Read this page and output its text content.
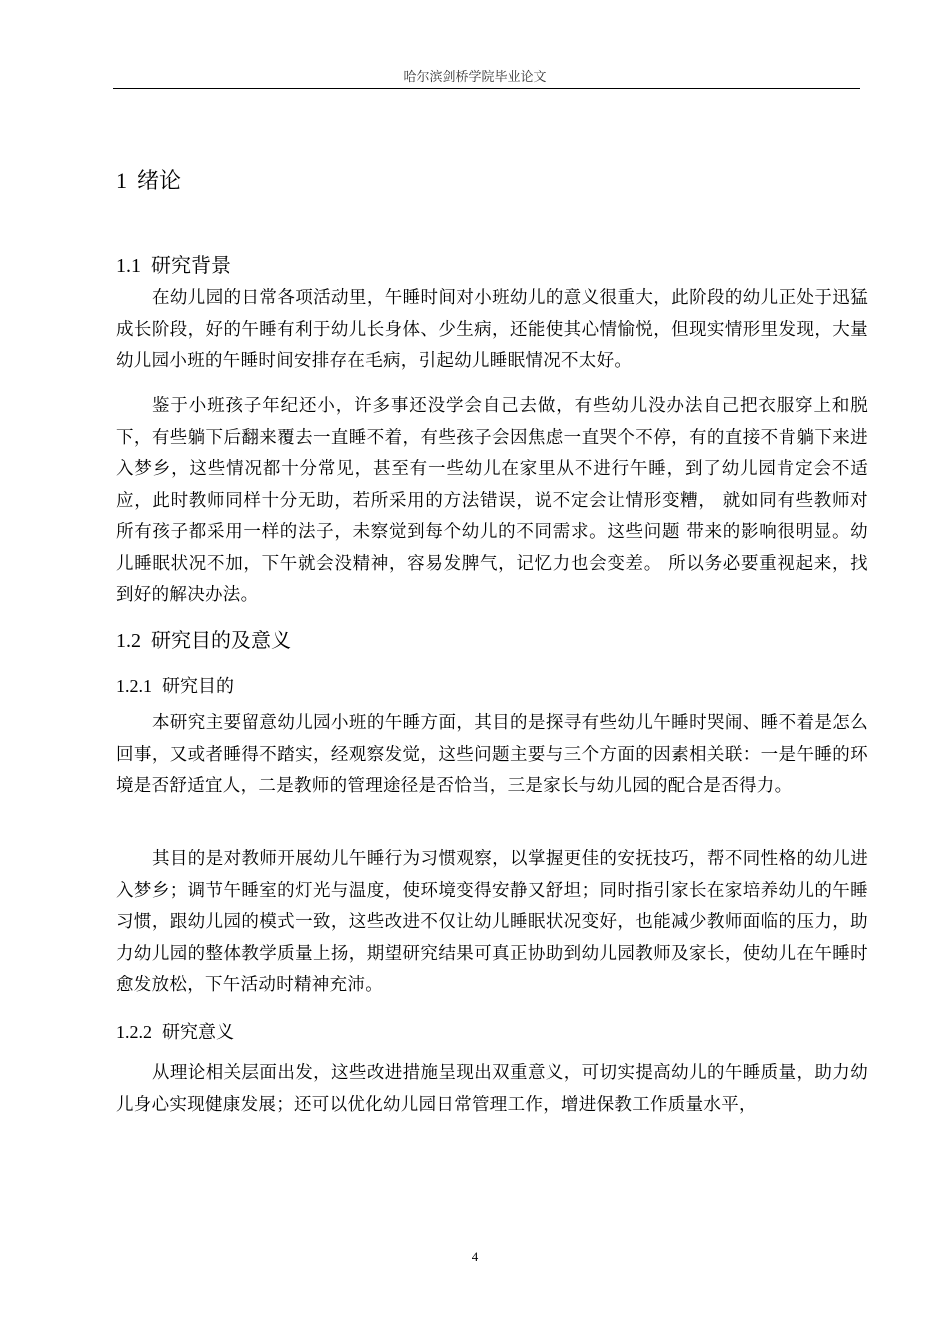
哈尔滨剑桥学院毕业论文
1 绪论
1.1 研究背景

在幼儿园的日常各项活动里，午睡时间对小班幼儿的意义很重大，此阶段的幼儿正处于迅猛成长阶段，好的午睡有利于幼儿长身体、少生病，还能使其心情愉悦，但现实情形里发现，大量幼儿园小班的午睡时间安排存在毛病，引起幼儿睡眠情况不太好。

鉴于小班孩子年纪还小，许多事还没学会自己去做，有些幼儿没办法自己把衣服穿上和脱下，有些躺下后翻来覆去一直睡不着，有些孩子会因焦虑一直哭个不停，有的直接不肯躺下来进入梦乡，这些情况都十分常见，甚至有一些幼儿在家里从不进行午睡，到了幼儿园肯定会不适应，此时教师同样十分无助，若所采用的方法错误，说不定会让情形变糟， 就如同有些教师对所有孩子都采用一样的法子，未察觉到每个幼儿的不同需求。这些问题 带来的影响很明显。幼儿睡眠状况不加，下午就会没精神，容易发脾气，记忆力也会变差。 所以务必要重视起来，找到好的解决办法。

1.2 研究目的及意义
1.2.1 研究目的

本研究主要留意幼儿园小班的午睡方面，其目的是探寻有些幼儿午睡时哭闹、睡不着是怎么回事，又或者睡得不踏实，经观察发觉，这些问题主要与三个方面的因素相关联：一是午睡的环境是否舒适宜人，二是教师的管理途径是否恰当，三是家长与幼儿园的配合是否得力。

其目的是对教师开展幼儿午睡行为习惯观察，以掌握更佳的安抚技巧，帮不同性格的幼儿进入梦乡；调节午睡室的灯光与温度，使环境变得安静又舒坦；同时指引家长在家培养幼儿的午睡习惯，跟幼儿园的模式一致，这些改进不仅让幼儿睡眠状况变好，也能减少教师面临的压力，助力幼儿园的整体教学质量上扬，期望研究结果可真正协助到幼儿园教师及家长，使幼儿在午睡时愈发放松，下午活动时精神充沛。

1.2.2 研究意义

从理论相关层面出发，这些改进措施呈现出双重意义，可切实提高幼儿的午睡质量，助力幼儿身心实现健康发展；还可以优化幼儿园日常管理工作，增进保教工作质量水平，

4
